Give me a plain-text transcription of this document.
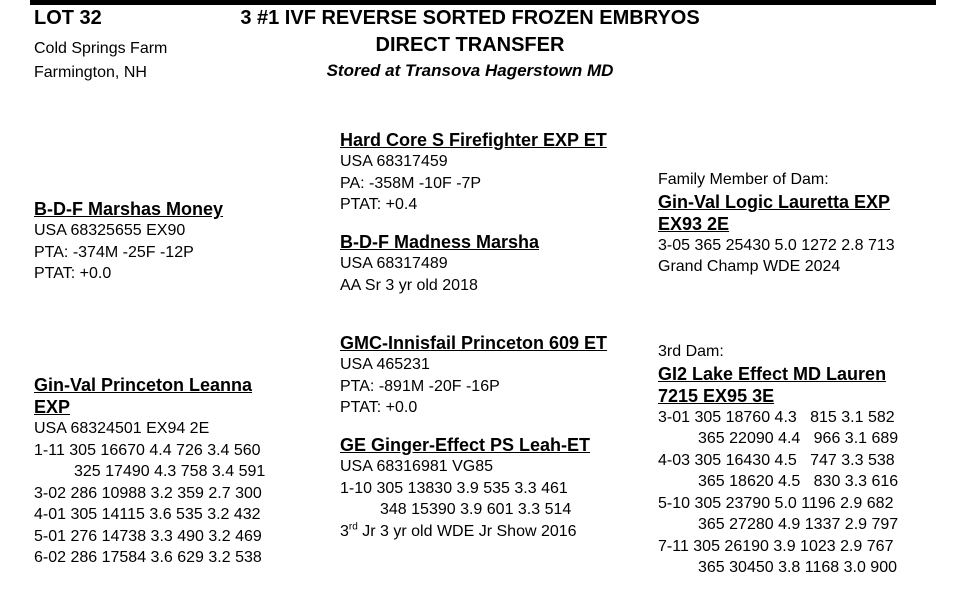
LOT 32
Cold Springs Farm
Farmington, NH
3 #1 IVF REVERSE SORTED FROZEN EMBRYOS
DIRECT TRANSFER
Stored at Transova Hagerstown MD
Hard Core S Firefighter EXP ET
USA 68317459
PA: -358M -10F -7P
PTAT: +0.4
B-D-F Marshas Money
USA 68325655 EX90
PTA: -374M -25F -12P
PTAT: +0.0
B-D-F Madness Marsha
USA 68317489
AA Sr 3 yr old 2018
Family Member of Dam:
Gin-Val Logic Lauretta EXP
EX93 2E
3-05 365 25430 5.0 1272 2.8 713
Grand Champ WDE 2024
GMC-Innisfail Princeton 609 ET
USA 465231
PTA: -891M -20F -16P
PTAT: +0.0
Gin-Val Princeton Leanna
EXP
USA 68324501 EX94 2E
1-11 305 16670 4.4 726 3.4 560
325 17490 4.3 758 3.4 591
3-02 286 10988 3.2 359 2.7 300
4-01 305 14115 3.6 535 3.2 432
5-01 276 14738 3.3 490 3.2 469
6-02 286 17584 3.6 629 3.2 538
GE Ginger-Effect PS Leah-ET
USA 68316981 VG85
1-10 305 13830 3.9 535 3.3 461
348 15390 3.9 601 3.3 514
3rd Jr 3 yr old WDE Jr Show 2016
3rd Dam:
GI2 Lake Effect MD Lauren
7215 EX95 3E
3-01 305 18760 4.3   815 3.1 582
365 22090 4.4   966 3.1 689
4-03 305 16430 4.5   747 3.3 538
365 18620 4.5   830 3.3 616
5-10 305 23790 5.0 1196 2.9 682
365 27280 4.9 1337 2.9 797
7-11 305 26190 3.9 1023 2.9 767
365 30450 3.8 1168 3.0 900
